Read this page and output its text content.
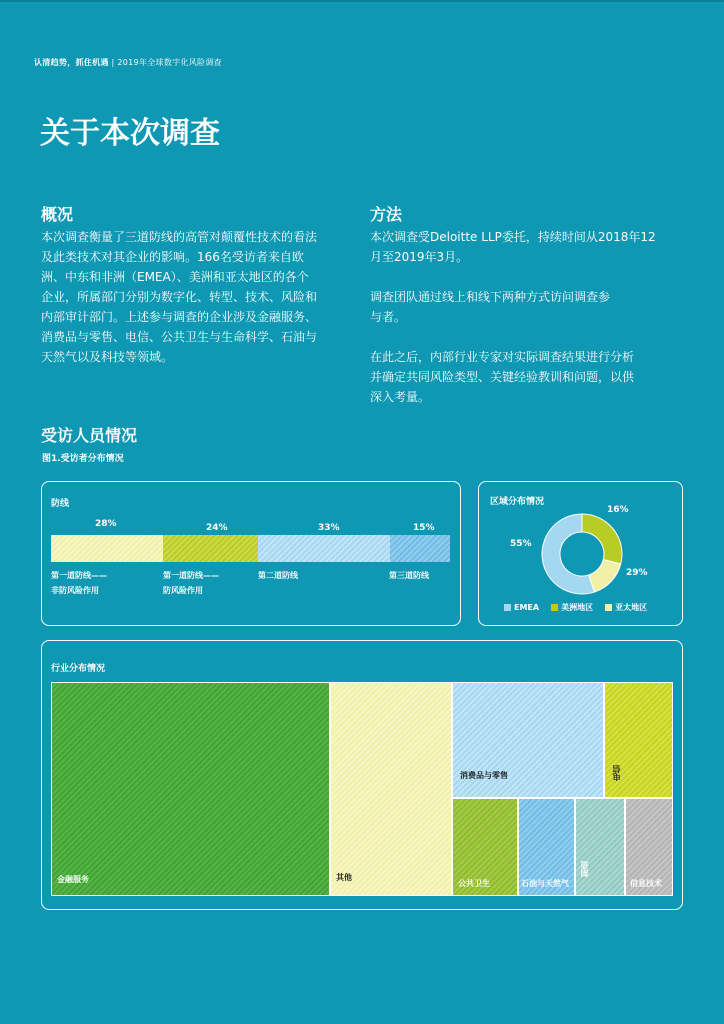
认清趋势，抓住机遇 | 2019年全球数字化风险调查
关于本次调查
概况
本次调查衡量了三道防线的高管对颠覆性技术的看法
及此类技术对其企业的影响。166名受访者来自欧
洲、中东和非洲（EMEA）、美洲和亚太地区的各个
企业，所属部门分别为数字化、转型、技术、风险和
内部审计部门。上述参与调查的企业涉及金融服务、
消费品与零售、电信、公共卫生与生命科学、石油与
天然气以及科技等领域。
方法
本次调查受Deloitte LLP委托，持续时间从2018年12
月至2019年3月。
调查团队通过线上和线下两种方式访问调查参
与者。
在此之后，内部行业专家对实际调查结果进行分析
并确定共同风险类型、关键经验教训和问题，以供
深入考量。
受访人员情况
图1.受访者分布情况
防线
28%	24%	33%	15%
第一道防线——
非防风险作用
第一道防线——
防风险作用
第二道防线	第三道防线
区域分布情况
16%
55%
29%
EMEA	美洲地区	亚太地区
行业分布情况
金融服务	其他
消费品与零售	电信
公共卫生	石油与天然气
制造
信息技术
